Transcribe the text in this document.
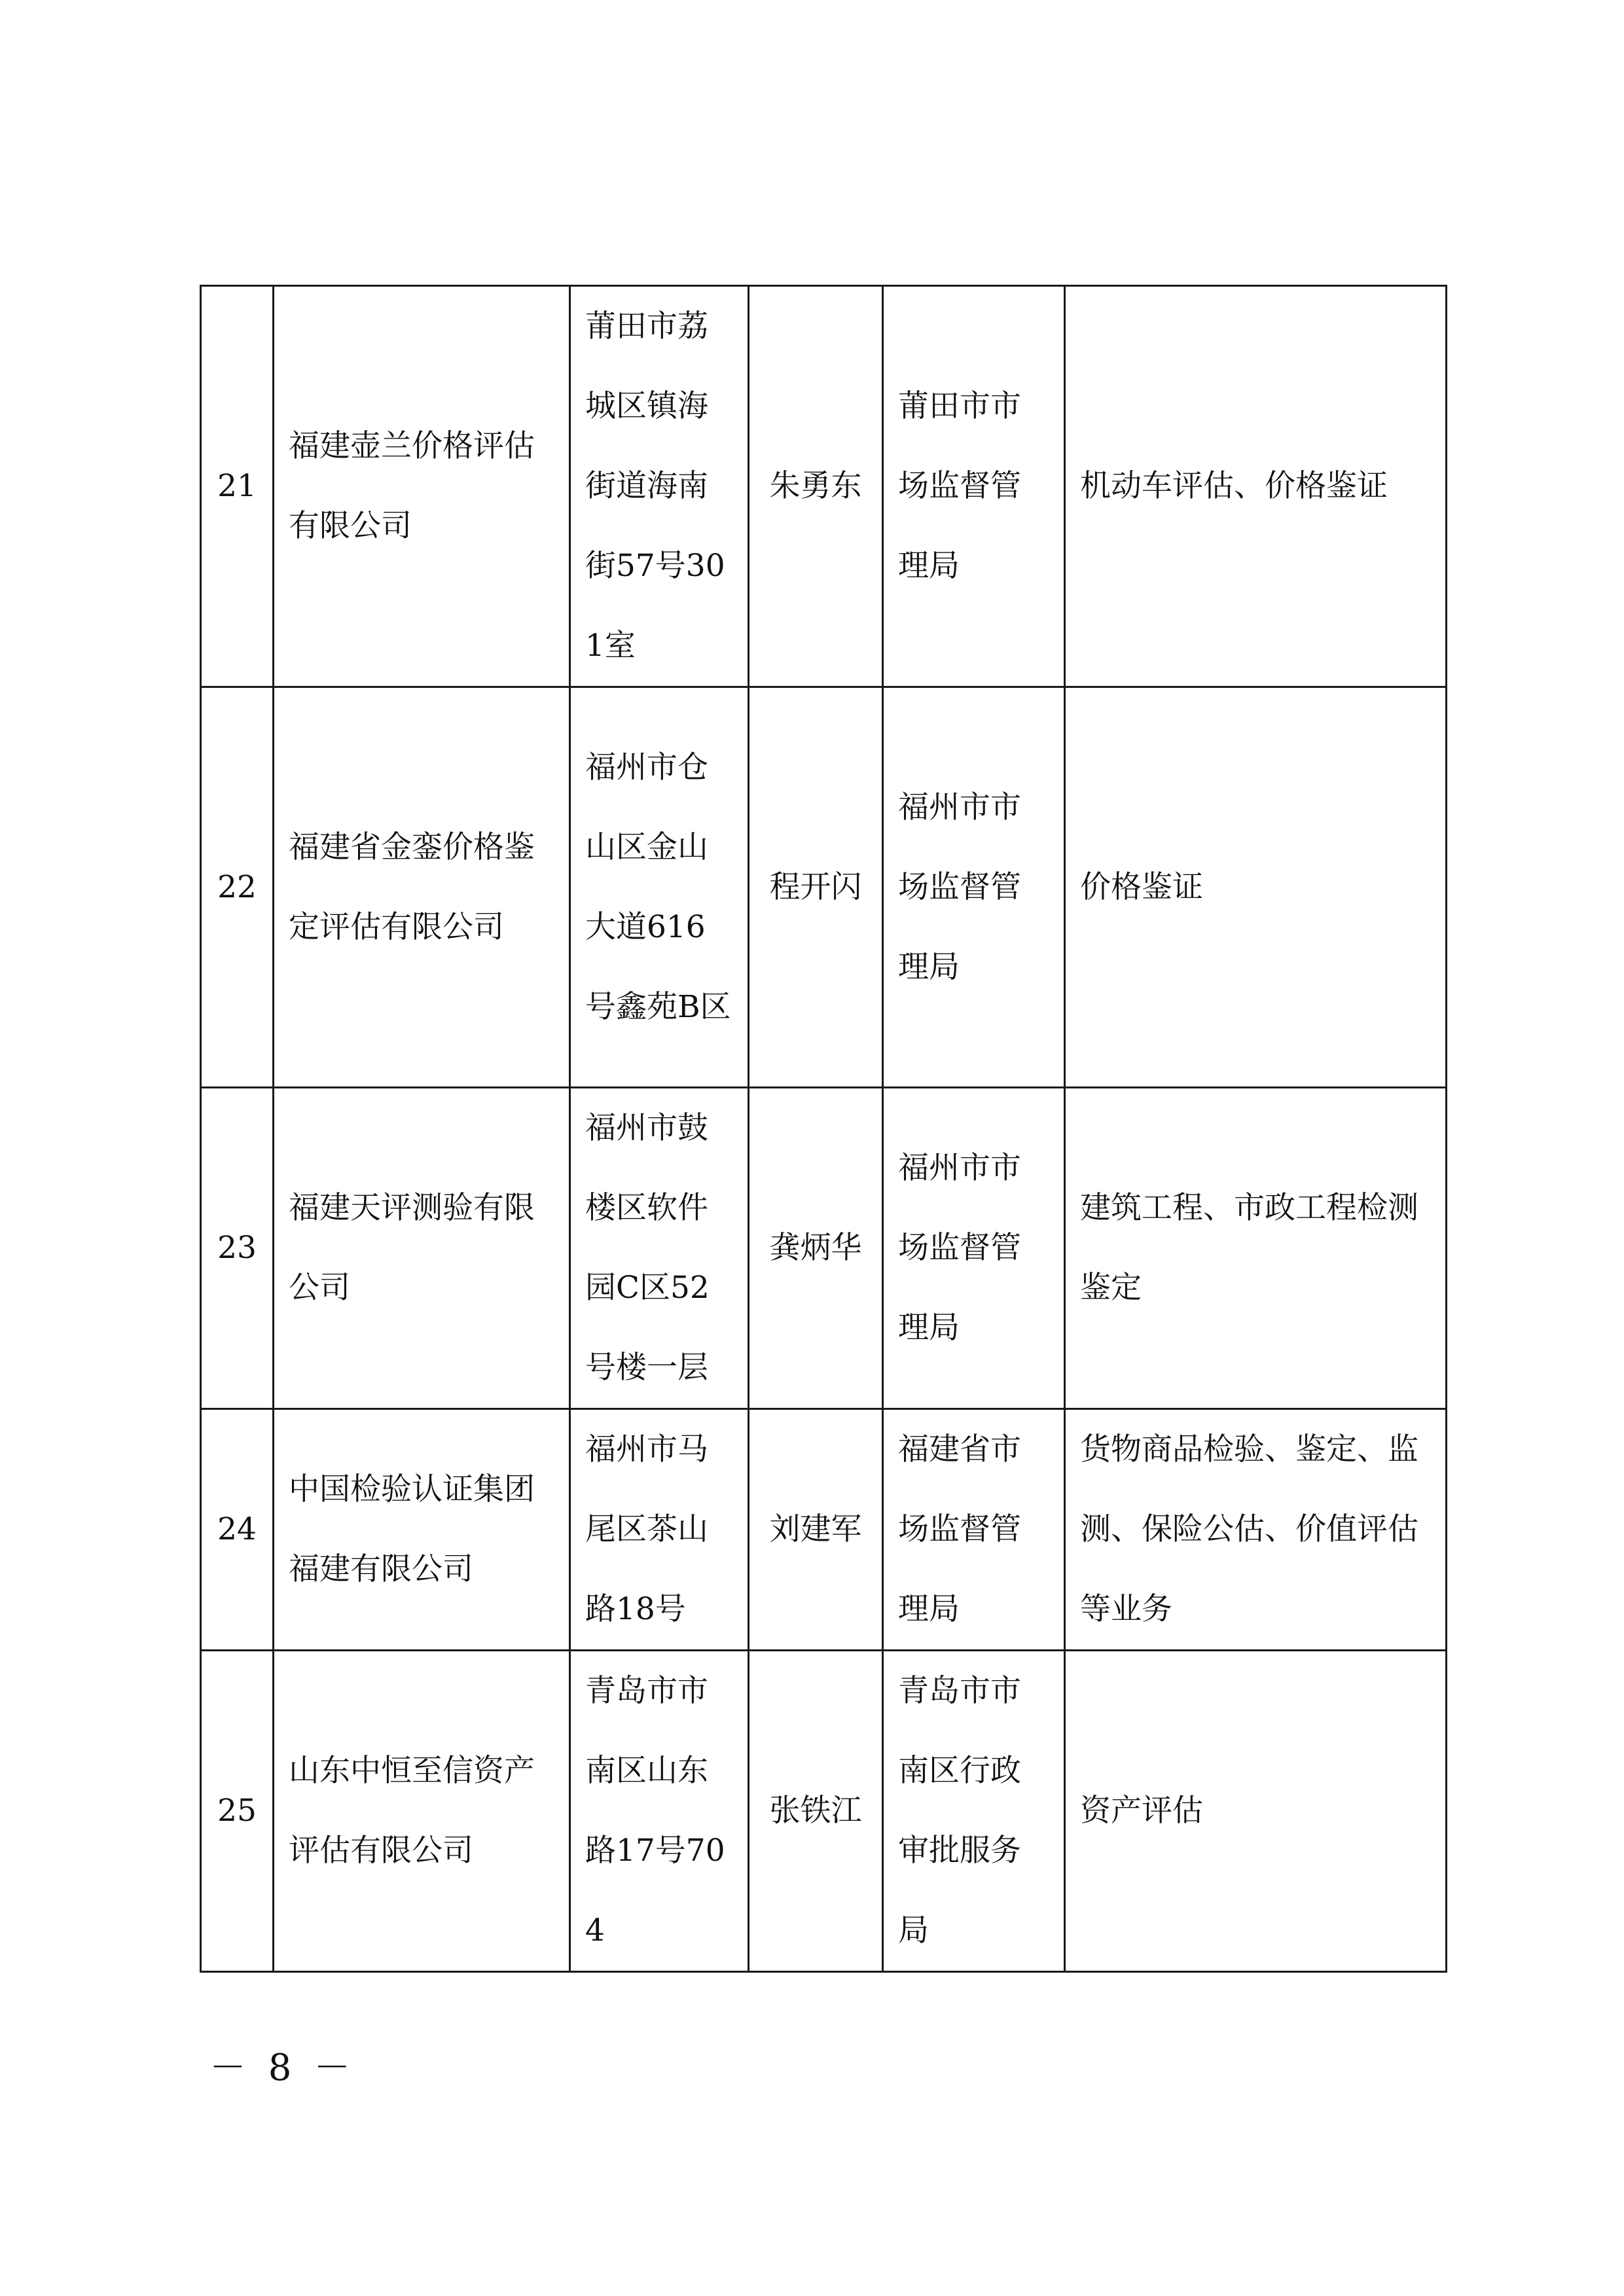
21	福建壶兰价格评估有限公司	莆田市荔城区镇海街道海南街57号301室	朱勇东	莆田市市场监督管理局	机动车评估、价格鉴证
22	福建省金銮价格鉴定评估有限公司	福州市仓山区金山大道616号鑫苑B区	程开闪	福州市市场监督管理局	价格鉴证
23	福建天评测验有限公司	福州市鼓楼区软件园C区52号楼一层	龚炳华	福州市市场监督管理局	建筑工程、市政工程检测鉴定
24	中国检验认证集团福建有限公司	福州市马尾区茶山路18号	刘建军	福建省市场监督管理局	货物商品检验、鉴定、监测、保险公估、价值评估等业务
25	山东中恒至信资产评估有限公司	青岛市市南区山东路17号704	张铁江	青岛市市南区行政审批服务局	资产评估
－ 8 －
